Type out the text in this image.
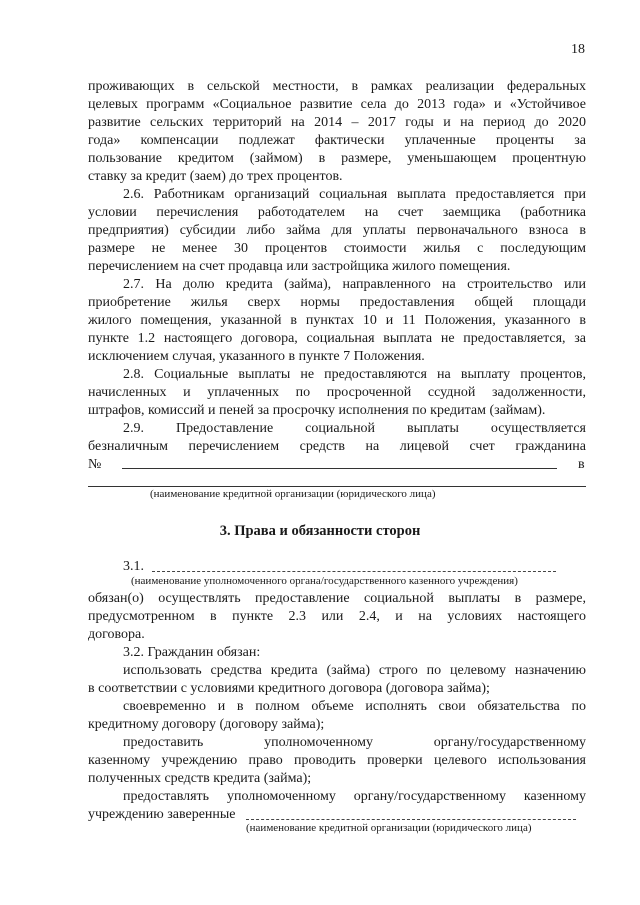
18
проживающих в сельской местности, в рамках реализации федеральных
целевых программ «Социальное развитие села до 2013 года» и «Устойчивое
развитие сельских территорий на 2014 – 2017 годы и на период до 2020
года» компенсации подлежат фактически уплаченные проценты за
пользование кредитом (займом) в размере, уменьшающем процентную
ставку за кредит (заем) до трех процентов.
2.6. Работникам организаций социальная выплата предоставляется при
условии перечисления работодателем на счет заемщика (работника
предприятия) субсидии либо займа для уплаты первоначального взноса в
размере не менее 30 процентов стоимости жилья с последующим
перечислением на счет продавца или застройщика жилого помещения.
2.7. На долю кредита (займа), направленного на строительство или
приобретение жилья сверх нормы предоставления общей площади
жилого помещения, указанной в пунктах 10 и 11 Положения, указанного в
пункте 1.2 настоящего договора, социальная выплата не предоставляется, за
исключением случая, указанного в пункте 7 Положения.
2.8. Социальные выплаты не предоставляются на выплату процентов,
начисленных и уплаченных по просроченной ссудной задолженности,
штрафов, комиссий и пеней за просрочку исполнения по кредитам (займам).
2.9. Предоставление социальной выплаты осуществляется
безналичным перечислением средств на лицевой счет гражданина
№	в
(наименование кредитной организации (юридического лица)
3. Права и обязанности сторон
3.1.
(наименование уполномоченного органа/государственного казенного учреждения)
обязан(о) осуществлять предоставление социальной выплаты в размере,
предусмотренном в пункте 2.3 или 2.4, и на условиях настоящего
договора.
3.2. Гражданин обязан:
использовать средства кредита (займа) строго по целевому назначению
в соответствии с условиями кредитного договора (договора займа);
своевременно и в полном объеме исполнять свои обязательства по
кредитному договору (договору займа);
предоставить уполномоченному органу/государственному
казенному учреждению право проводить проверки целевого использования
полученных средств кредита (займа);
предоставлять уполномоченному органу/государственному казенному
учреждению заверенные
(наименование кредитной организации (юридического лица)
